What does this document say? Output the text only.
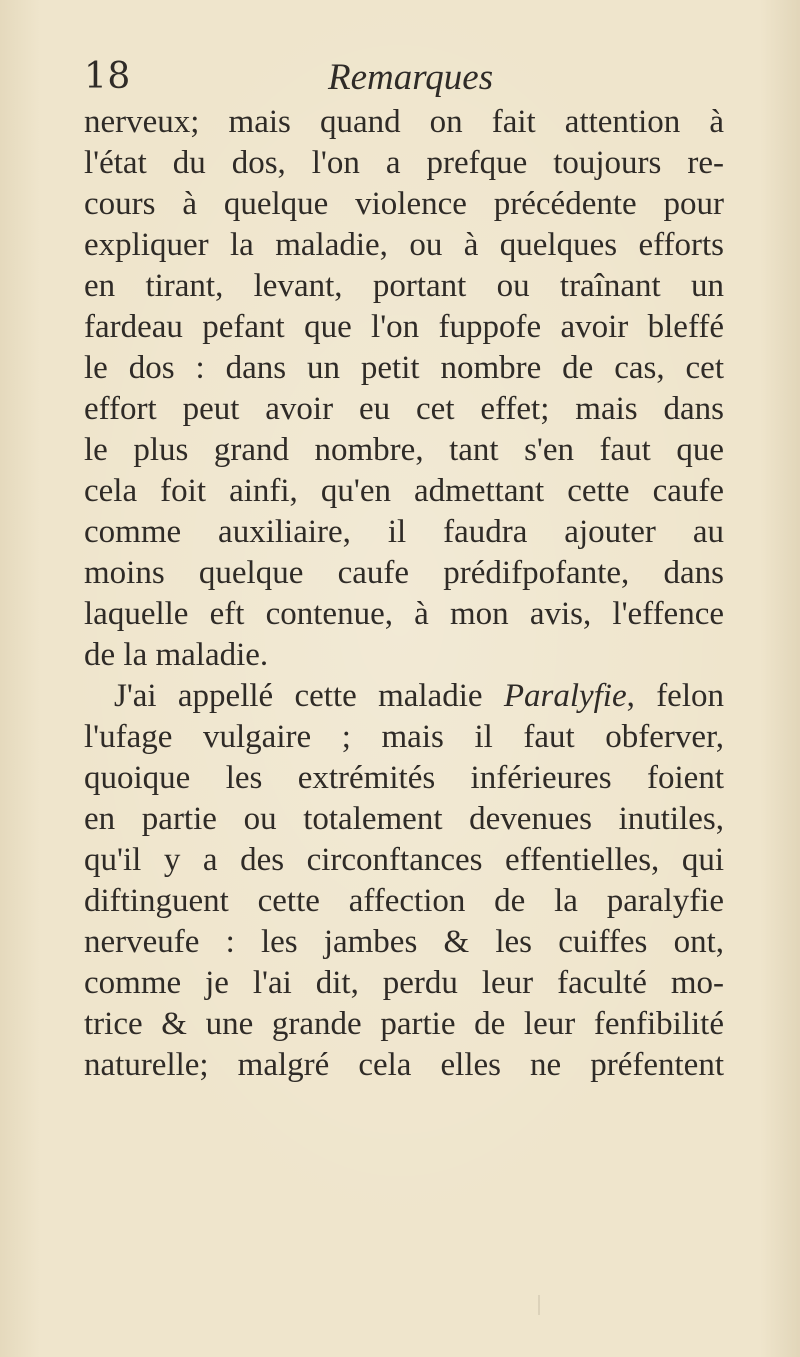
18	Remarques
nerveux; mais quand on fait attention à
l'état du dos, l'on a prefque toujours re-
cours à quelque violence précédente pour
expliquer la maladie, ou à quelques efforts
en tirant, levant, portant ou traînant un
fardeau pefant que l'on fuppofe avoir bleffé
le dos : dans un petit nombre de cas, cet
effort peut avoir eu cet effet; mais dans
le plus grand nombre, tant s'en faut que
cela foit ainfi, qu'en admettant cette caufe
comme auxiliaire, il faudra ajouter au
moins quelque caufe prédifpofante, dans
laquelle eft contenue, à mon avis, l'effence
de la maladie.
J'ai appellé cette maladie Paralyfie, felon
l'ufage vulgaire ; mais il faut obferver,
quoique les extrémités inférieures foient
en partie ou totalement devenues inutiles,
qu'il y a des circonftances effentielles, qui
diftinguent cette affection de la paralyfie
nerveufe : les jambes & les cuiffes ont,
comme je l'ai dit, perdu leur faculté mo-
trice & une grande partie de leur fenfibilité
naturelle; malgré cela elles ne préfentent
